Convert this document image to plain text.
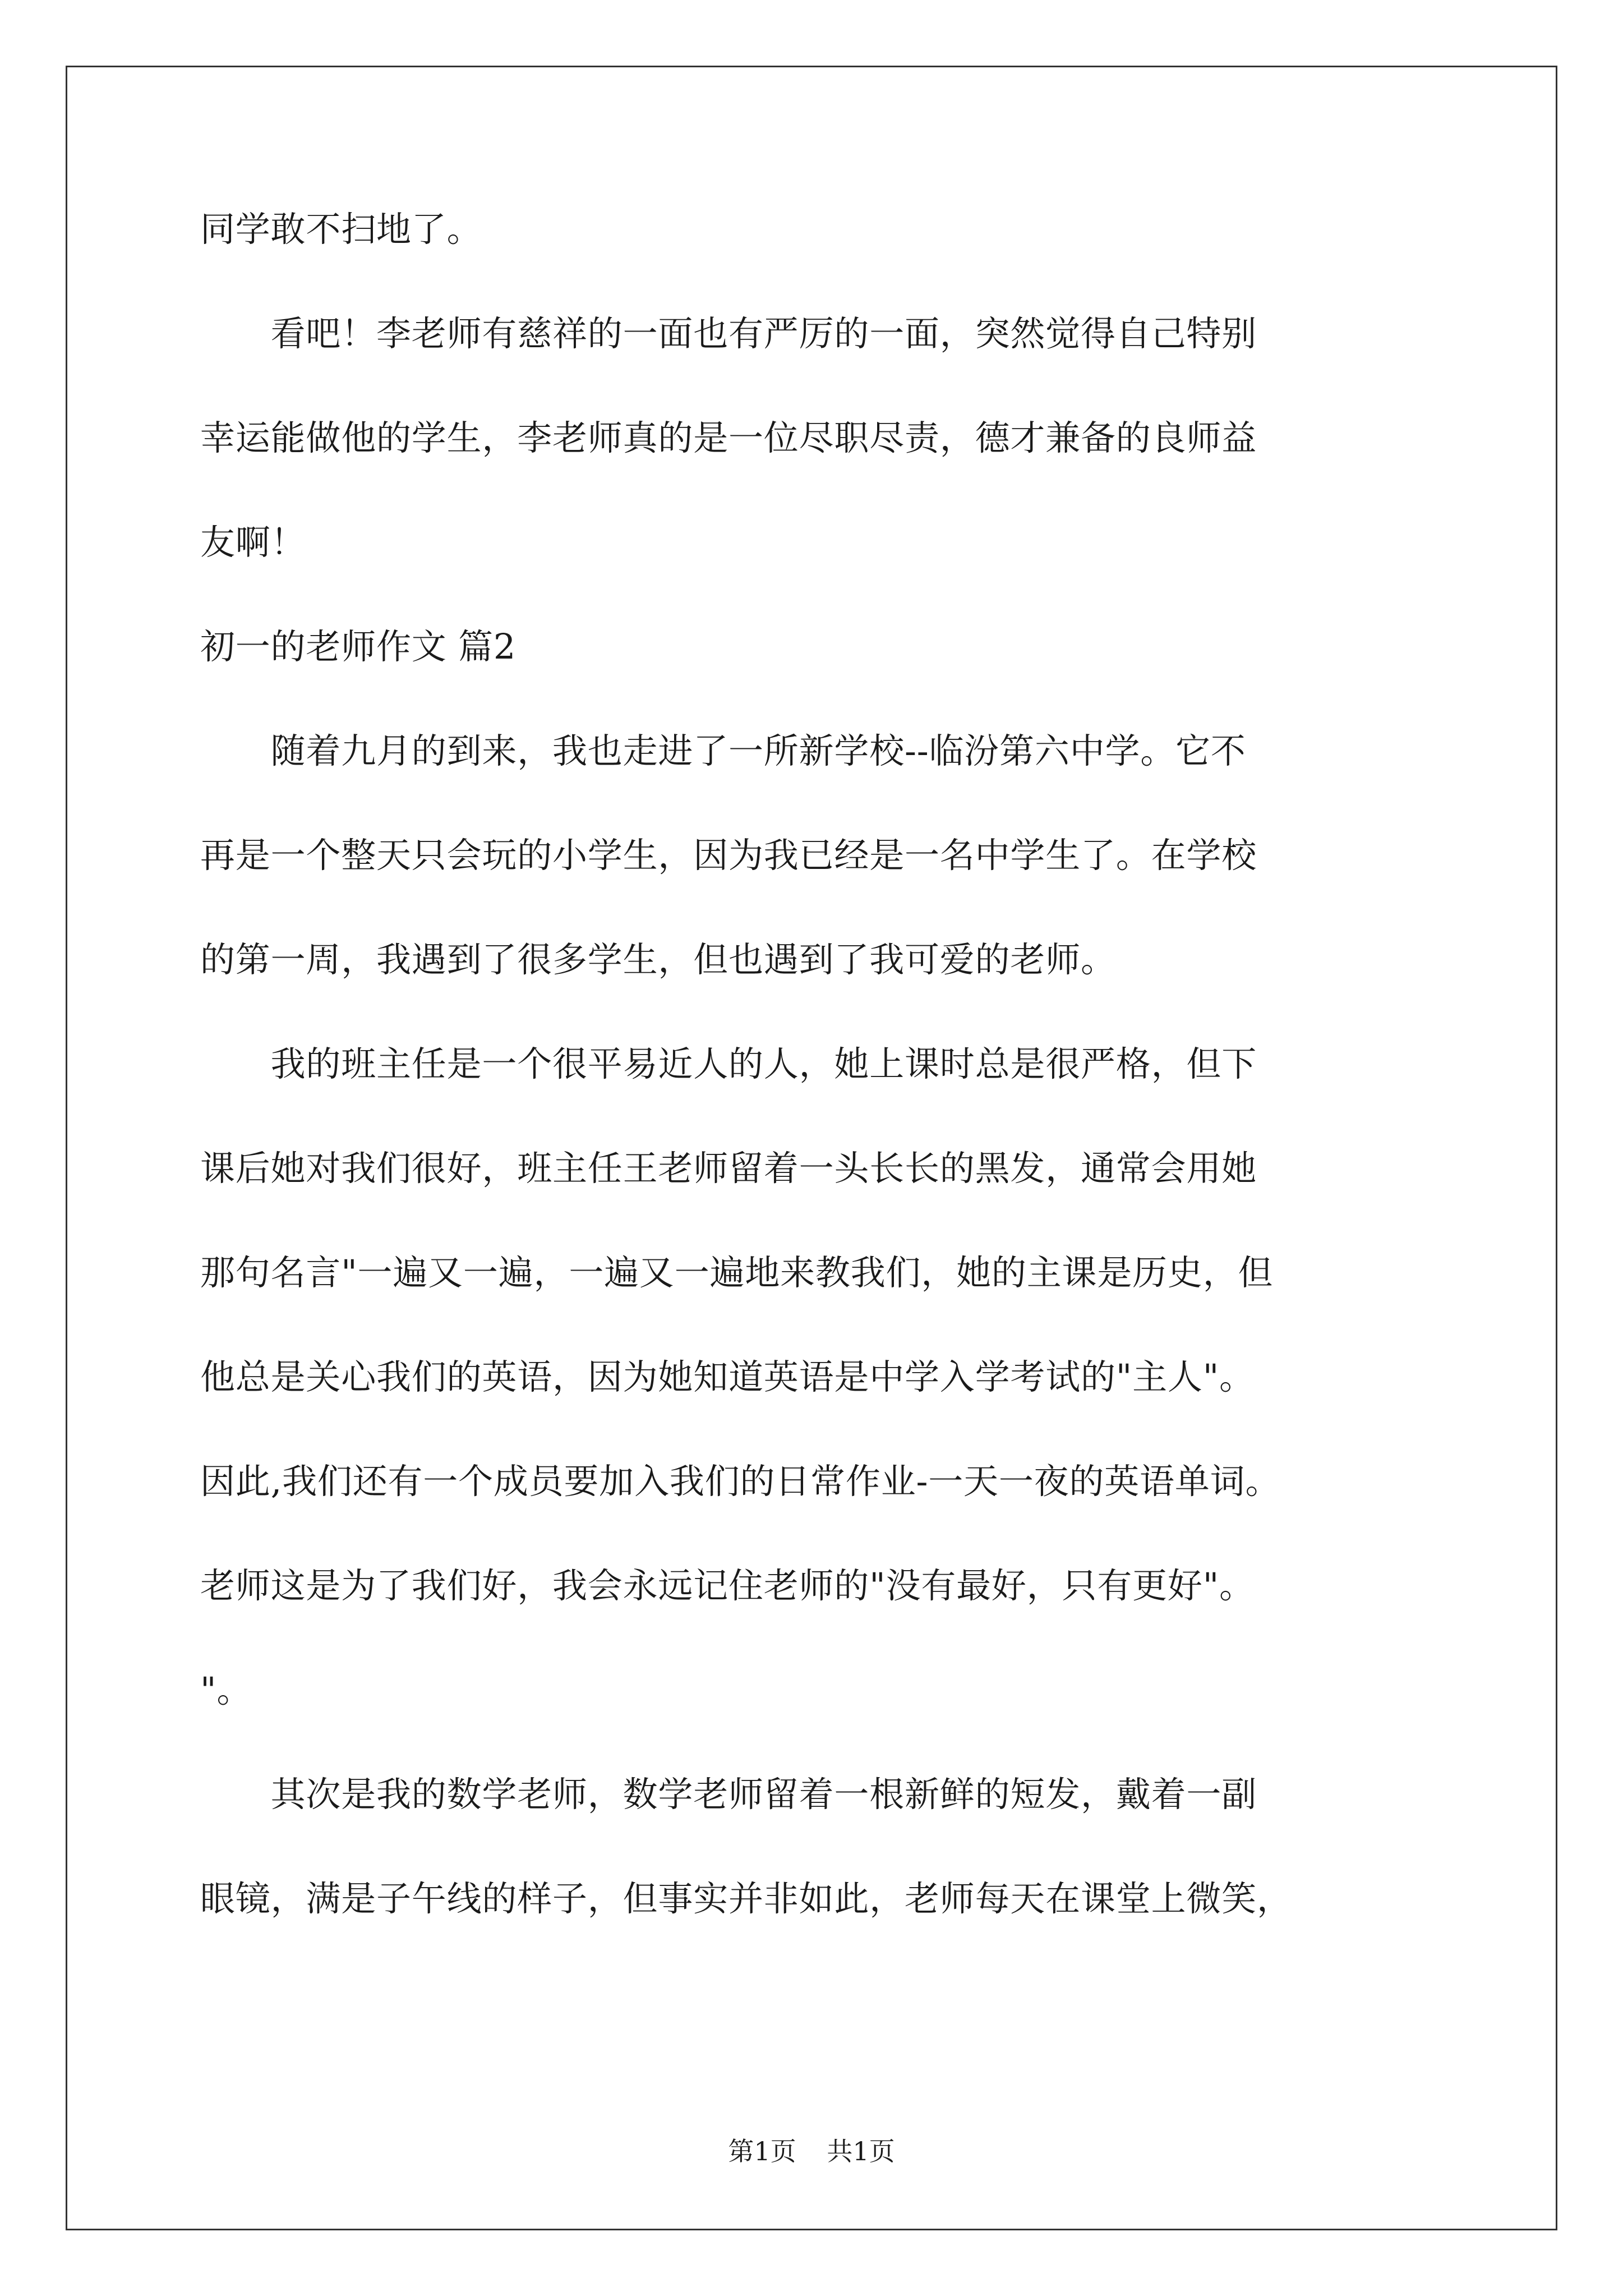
同学敢不扫地了。
　　看吧！李老师有慈祥的一面也有严厉的一面，突然觉得自己特别
幸运能做他的学生，李老师真的是一位尽职尽责，德才兼备的良师益
友啊！
初一的老师作文 篇2
　　随着九月的到来，我也走进了一所新学校--临汾第六中学。它不
再是一个整天只会玩的小学生，因为我已经是一名中学生了。在学校
的第一周，我遇到了很多学生，但也遇到了我可爱的老师。
　　我的班主任是一个很平易近人的人，她上课时总是很严格，但下
课后她对我们很好，班主任王老师留着一头长长的黑发，通常会用她
那句名言"一遍又一遍，一遍又一遍地来教我们，她的主课是历史，但
他总是关心我们的英语，因为她知道英语是中学入学考试的"主人"。
因此,我们还有一个成员要加入我们的日常作业-一天一夜的英语单词。
老师这是为了我们好，我会永远记住老师的"没有最好，只有更好"。
"。
　　其次是我的数学老师，数学老师留着一根新鲜的短发，戴着一副
眼镜，满是子午线的样子，但事实并非如此，老师每天在课堂上微笑，
第1页 共1页
